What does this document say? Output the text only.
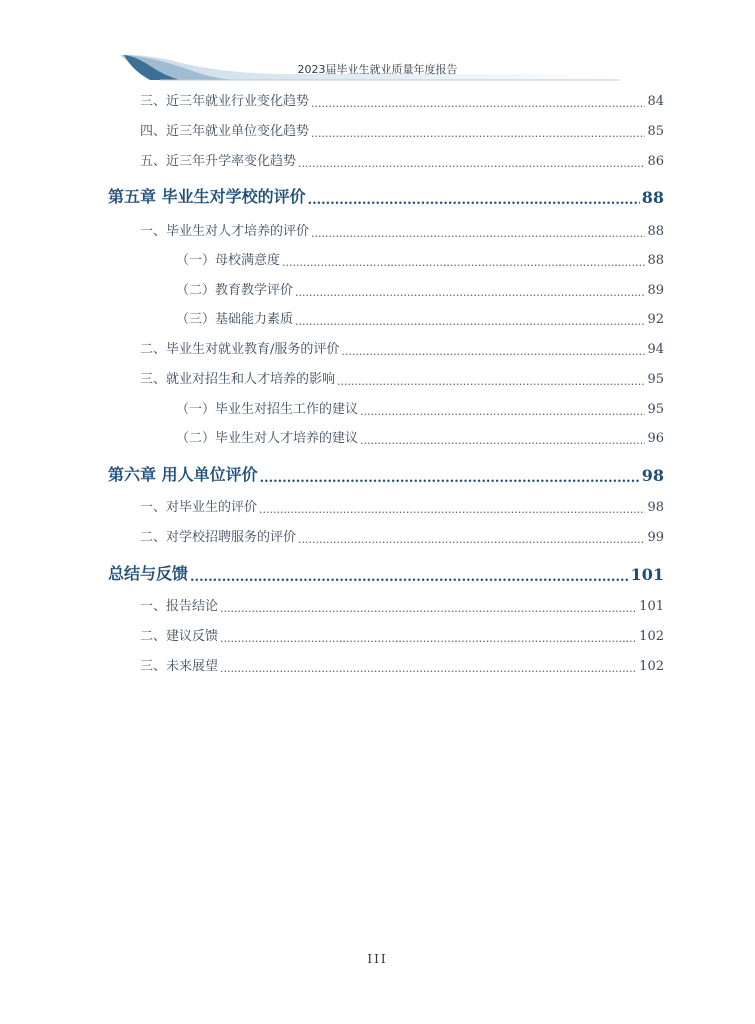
2023届毕业生就业质量年度报告
三、近三年就业行业变化趋势 .....	84
四、近三年就业单位变化趋势 .....	85
五、近三年升学率变化趋势 .....	86
第五章 毕业生对学校的评价 .....	88
一、毕业生对人才培养的评价 .....	88
（一）母校满意度 .....	88
（二）教育教学评价 .....	89
（三）基础能力素质 .....	92
二、毕业生对就业教育/服务的评价 .....	94
三、就业对招生和人才培养的影响 .....	95
（一）毕业生对招生工作的建议 .....	95
（二）毕业生对人才培养的建议 .....	96
第六章 用人单位评价 .....	98
一、对毕业生的评价 .....	98
二、对学校招聘服务的评价 .....	99
总结与反馈 .....	101
一、报告结论 .....	101
二、建议反馈 .....	102
三、未来展望 .....	102
III
